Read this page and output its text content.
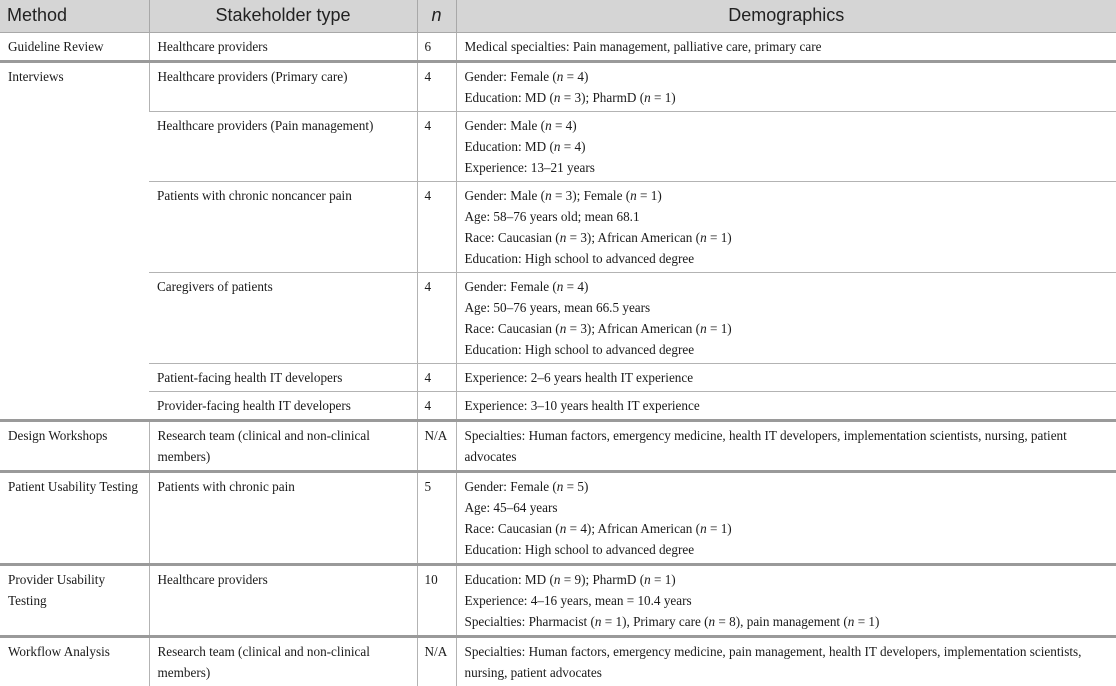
Method	Stakeholder type	n	Demographics
Guideline Review	Healthcare providers	6	Medical specialties: Pain management, palliative care, primary care

Interviews	Healthcare providers (Primary care)	4	Gender: Female (n = 4)
Education: MD (n = 3); PharmD (n = 1)

	Healthcare providers (Pain management)	4	Gender: Male (n = 4)
Education: MD (n = 4)
Experience: 13–21 years

	Patients with chronic noncancer pain	4	Gender: Male (n = 3); Female (n = 1)
Age: 58–76 years old; mean 68.1
Race: Caucasian (n = 3); African American (n = 1)
Education: High school to advanced degree

	Caregivers of patients	4	Gender: Female (n = 4)
Age: 50–76 years, mean 66.5 years
Race: Caucasian (n = 3); African American (n = 1)
Education: High school to advanced degree

	Patient-facing health IT developers	4	Experience: 2–6 years health IT experience

	Provider-facing health IT developers	4	Experience: 3–10 years health IT experience

Design Workshops	Research team (clinical and non-clinical members)	N/A	Specialties: Human factors, emergency medicine, health IT developers, implementation scientists, nursing, patient advocates

Patient Usability Testing	Patients with chronic pain	5	Gender: Female (n = 5)
Age: 45–64 years
Race: Caucasian (n = 4); African American (n = 1)
Education: High school to advanced degree

Provider Usability Testing	Healthcare providers	10	Education: MD (n = 9); PharmD (n = 1)
Experience: 4–16 years, mean = 10.4 years
Specialties: Pharmacist (n = 1), Primary care (n = 8), pain management (n = 1)

Workflow Analysis	Research team (clinical and non-clinical members)	N/A	Specialties: Human factors, emergency medicine, pain management, health IT developers, implementation scientists, nursing, patient advocates
